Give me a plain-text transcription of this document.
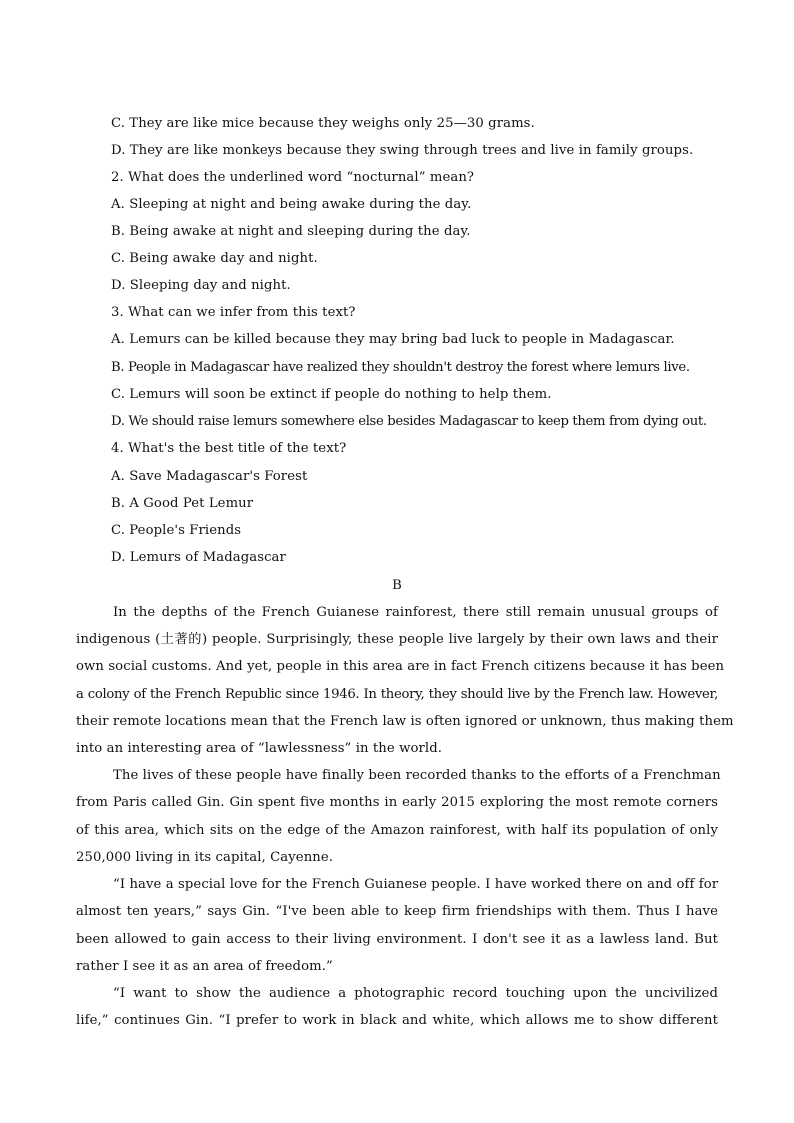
C. They are like mice because they weighs only 25—30 grams.
D. They are like monkeys because they swing through trees and live in family groups.
2. What does the underlined word “nocturnal” mean?
A. Sleeping at night and being awake during the day.
B. Being awake at night and sleeping during the day.
C. Being awake day and night.
D. Sleeping day and night.
3. What can we infer from this text?
A. Lemurs can be killed because they may bring bad luck to people in Madagascar.
B. People in Madagascar have realized they shouldn't destroy the forest where lemurs live.
C. Lemurs will soon be extinct if people do nothing to help them.
D. We should raise lemurs somewhere else besides Madagascar to keep them from dying out.
4. What's the best title of the text?
A. Save Madagascar's Forest
B. A Good Pet Lemur
C. People's Friends
D. Lemurs of Madagascar
B
In the depths of the French Guianese rainforest, there still remain unusual groups of
indigenous (土著的) people. Surprisingly, these people live largely by their own laws and their
own social customs. And yet, people in this area are in fact French citizens because it has been
a colony of the French Republic since 1946. In theory, they should live by the French law. However,
their remote locations mean that the French law is often ignored or unknown, thus making them
into an interesting area of “lawlessness” in the world.
The lives of these people have finally been recorded thanks to the efforts of a Frenchman
from Paris called Gin. Gin spent five months in early 2015 exploring the most remote corners
of this area, which sits on the edge of the Amazon rainforest, with half its population of only
250,000 living in its capital, Cayenne.
“I have a special love for the French Guianese people. I have worked there on and off for
almost ten years,” says Gin. “I've been able to keep firm friendships with them. Thus I have
been allowed to gain access to their living environment. I don't see it as a lawless land. But
rather I see it as an area of freedom.”
“I want to show the audience a photographic record touching upon the uncivilized
life,” continues Gin. “I prefer to work in black and white, which allows me to show different
